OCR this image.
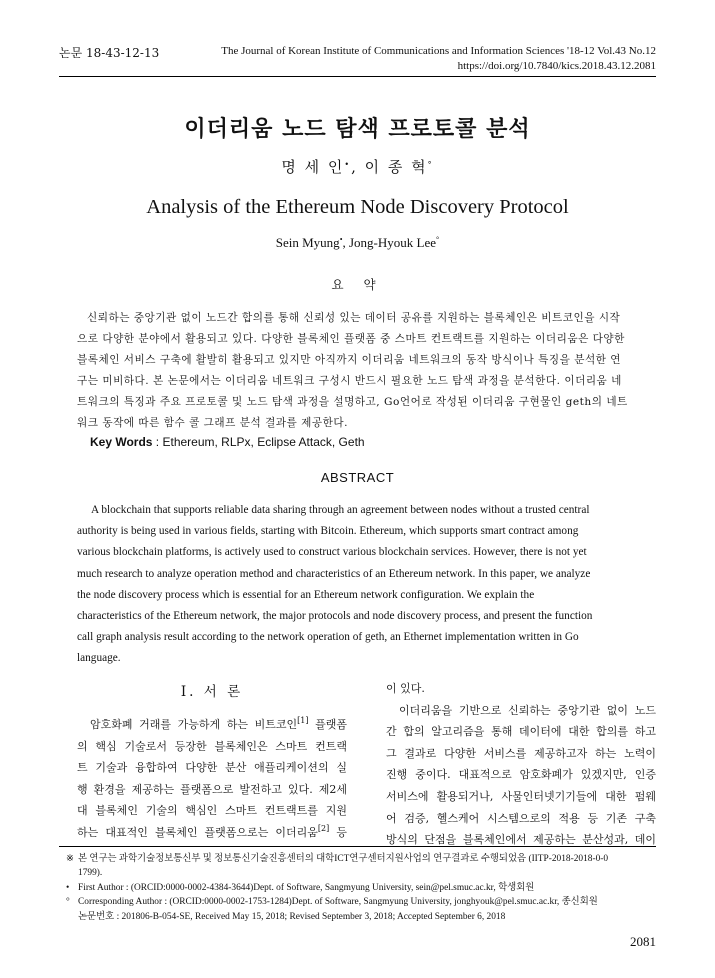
논문 18-43-12-13	The Journal of Korean Institute of Communications and Information Sciences '18-12 Vol.43 No.12
https://doi.org/10.7840/kics.2018.43.12.2081
이더리움 노드 탐색 프로토콜 분석
명 세 인•, 이 종 혁°
Analysis of the Ethereum Node Discovery Protocol
Sein Myung•, Jong-Hyouk Lee°
요 약
신뢰하는 중앙기관 없이 노드간 합의를 통해 신뢰성 있는 데이터 공유를 지원하는 블록체인은 비트코인을 시작
으로 다양한 분야에서 활용되고 있다. 다양한 블록체인 플랫폼 중 스마트 컨트랙트를 지원하는 이더리움은 다양한
블록체인 서비스 구축에 활발히 활용되고 있지만 아직까지 이더리움 네트워크의 동작 방식이나 특징을 분석한 연
구는 미비하다. 본 논문에서는 이더리움 네트워크 구성시 반드시 필요한 노드 탐색 과정을 분석한다. 이더리움 네
트워크의 특징과 주요 프로토콜 및 노드 탐색 과정을 설명하고, Go언어로 작성된 이더리움 구현물인 geth의 네트
워크 동작에 따른 함수 콜 그래프 분석 결과를 제공한다.
Key Words : Ethereum, RLPx, Eclipse Attack, Geth
ABSTRACT
A blockchain that supports reliable data sharing through an agreement between nodes without a trusted central
authority is being used in various fields, starting with Bitcoin. Ethereum, which supports smart contract among
various blockchain platforms, is actively used to construct various blockchain services. However, there is not yet
much research to analyze operation method and characteristics of an Ethereum network. In this paper, we analyze
the node discovery process which is essential for an Ethereum network configuration. We explain the
characteristics of the Ethereum network, the major protocols and node discovery process, and present the function
call graph analysis result according to the network operation of geth, an Ethernet implementation written in Go
language.
Ⅰ. 서 론
암호화폐 거래를 가능하게 하는 비트코인[1] 플랫폼
의 핵심 기술로서 등장한 블록체인은 스마트 컨트랙
트 기술과 융합하여 다양한 분산 애플리케이션의 실
행 환경을 제공하는 플랫폼으로 발전하고 있다. 제2세
대 블록체인 기술의 핵심인 스마트 컨트랙트를 지원
하는 대표적인 블록체인 플랫폼으로는 이더리움[2] 등
이 있다.
이더리움을 기반으로 신뢰하는 중앙기관 없이 노드
간 합의 알고리즘을 통해 데이터에 대한 합의를 하고
그 결과로 다양한 서비스를 제공하고자 하는 노력이
진행 중이다. 대표적으로 암호화폐가 있겠지만, 인증
서비스에 활용되거나, 사물인터넷기기들에 대한 펌웨
어 검증, 헬스케어 시스템으로의 적용 등 기존 구축
방식의 단점을 블록체인에서 제공하는 분산성과, 데이
※ 본 연구는 과학기술정보통신부 및 정보통신기술진흥센터의 대학ICT연구센터지원사업의 연구결과로 수행되었음 (IITP-2018-2018-0-0
1799).
• First Author : (ORCID:0000-0002-4384-3644)Dept. of Software, Sangmyung University, sein@pel.smuc.ac.kr, 학생회원
° Corresponding Author : (ORCID:0000-0002-1753-1284)Dept. of Software, Sangmyung University, jonghyouk@pel.smuc.ac.kr, 종신회원
논문번호 : 201806-B-054-SE, Received May 15, 2018; Revised September 3, 2018; Accepted September 6, 2018
2081
